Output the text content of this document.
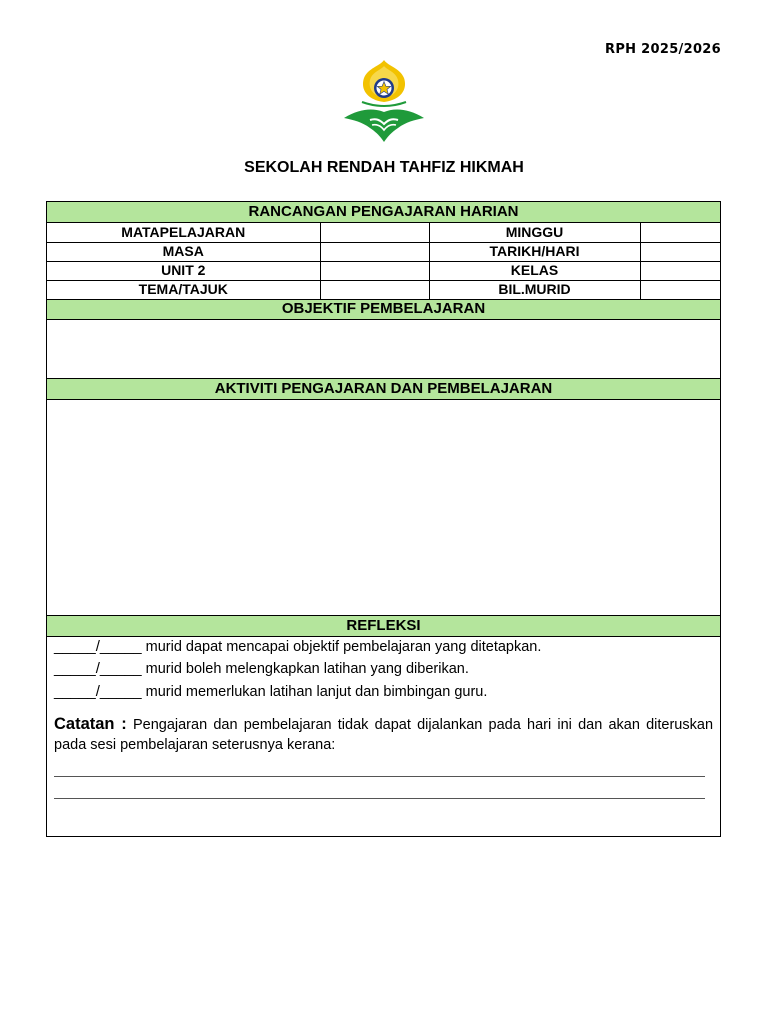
RPH 2025/2026
SEKOLAH RENDAH TAHFIZ HIKMAH
RANCANGAN PENGAJARAN HARIAN
MATAPELAJARAN		MINGGU	
MASA		TARIKH/HARI	
UNIT 2		KELAS	
TEMA/TAJUK		BIL.MURID	
OBJEKTIF PEMBELAJARAN
AKTIVITI PENGAJARAN DAN PEMBELAJARAN
REFLEKSI
_____/_____ murid dapat mencapai objektif pembelajaran yang ditetapkan.
_____/_____ murid boleh melengkapkan latihan yang diberikan.
_____/_____ murid memerlukan latihan lanjut dan bimbingan guru.
Catatan : Pengajaran dan pembelajaran tidak dapat dijalankan pada hari ini dan akan diteruskan pada sesi pembelajaran seterusnya kerana:
